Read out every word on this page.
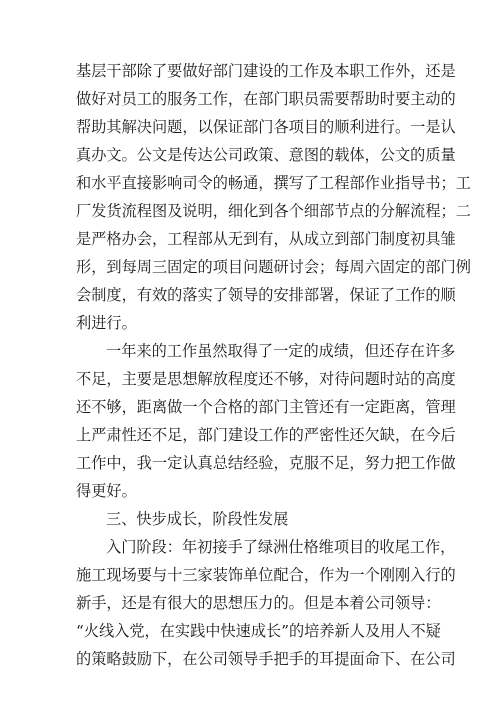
基层干部除了要做好部门建设的工作及本职工作外，还是
做好对员工的服务工作，在部门职员需要帮助时要主动的
帮助其解决问题，以保证部门各项目的顺利进行。一是认
真办文。公文是传达公司政策、意图的载体，公文的质量
和水平直接影响司令的畅通，撰写了工程部作业指导书；工
厂发货流程图及说明，细化到各个细部节点的分解流程；二
是严格办会，工程部从无到有，从成立到部门制度初具雏
形，到每周三固定的项目问题研讨会；每周六固定的部门例
会制度，有效的落实了领导的安排部署，保证了工作的顺
利进行。
一年来的工作虽然取得了一定的成绩，但还存在许多
不足，主要是思想解放程度还不够，对待问题时站的高度
还不够，距离做一个合格的部门主管还有一定距离，管理
上严肃性还不足，部门建设工作的严密性还欠缺，在今后
工作中，我一定认真总结经验，克服不足，努力把工作做
得更好。
三、快步成长，阶段性发展
入门阶段：年初接手了绿洲仕格维项目的收尾工作，
施工现场要与十三家装饰单位配合，作为一个刚刚入行的
新手，还是有很大的思想压力的。但是本着公司领导：
“火线入党，在实践中快速成长”的培养新人及用人不疑
的策略鼓励下，在公司领导手把手的耳提面命下、在公司
